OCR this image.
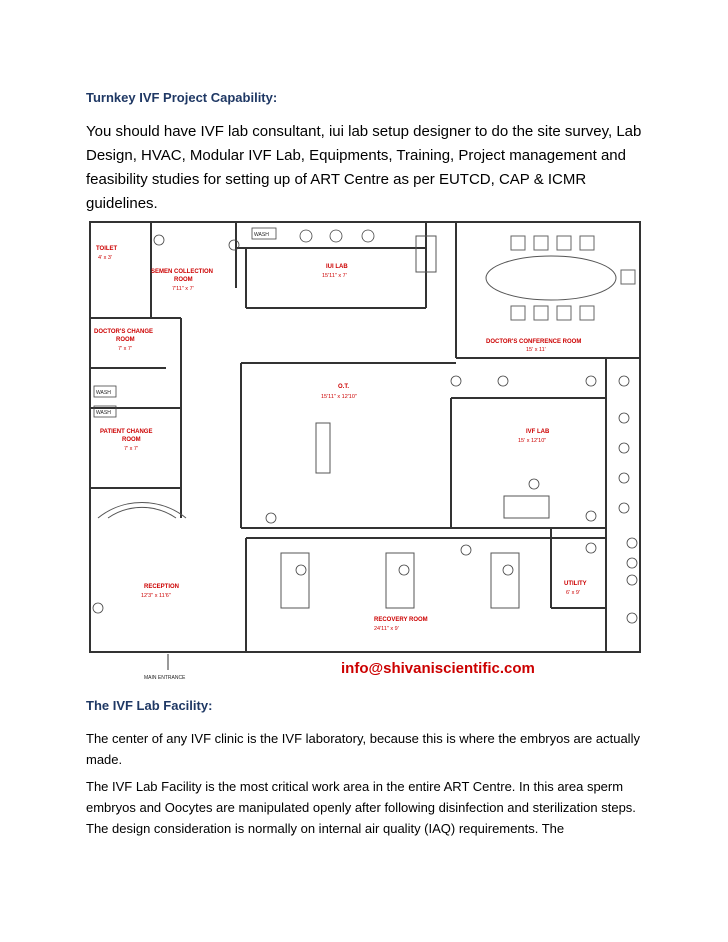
Turnkey IVF Project Capability:
You should have IVF lab consultant, iui lab setup designer to do the site survey, Lab Design, HVAC, Modular IVF Lab, Equipments, Training, Project management and feasibility studies for setting up of ART Centre as per EUTCD, CAP & ICMR guidelines.
WASH
WASH
WASH
TOILET
4' x 3'
SEMEN COLLECTION
ROOM
7'11" x 7'
IUI LAB
15'11" x 7'
DOCTOR'S CHANGE
ROOM
7' x 7'
DOCTOR'S CONFERENCE ROOM
15' x 11'
O.T.
15'11" x 12'10"
IVF LAB
15' x 12'10"
PATIENT CHANGE
ROOM
7' x 7'
RECEPTION
12'3" x 11'6"
RECOVERY ROOM
24'11" x 9'
UTILITY
6' x 9'
MAIN ENTRANCE
info@shivaniscientific.com
The IVF Lab Facility:
The center of any IVF clinic is the IVF laboratory, because this is where the embryos are actually made.
The IVF Lab Facility is the most critical work area in the entire ART Centre. In this area sperm embryos and Oocytes are manipulated openly after following disinfection and sterilization steps. The design consideration is normally on internal air quality (IAQ) requirements. The
